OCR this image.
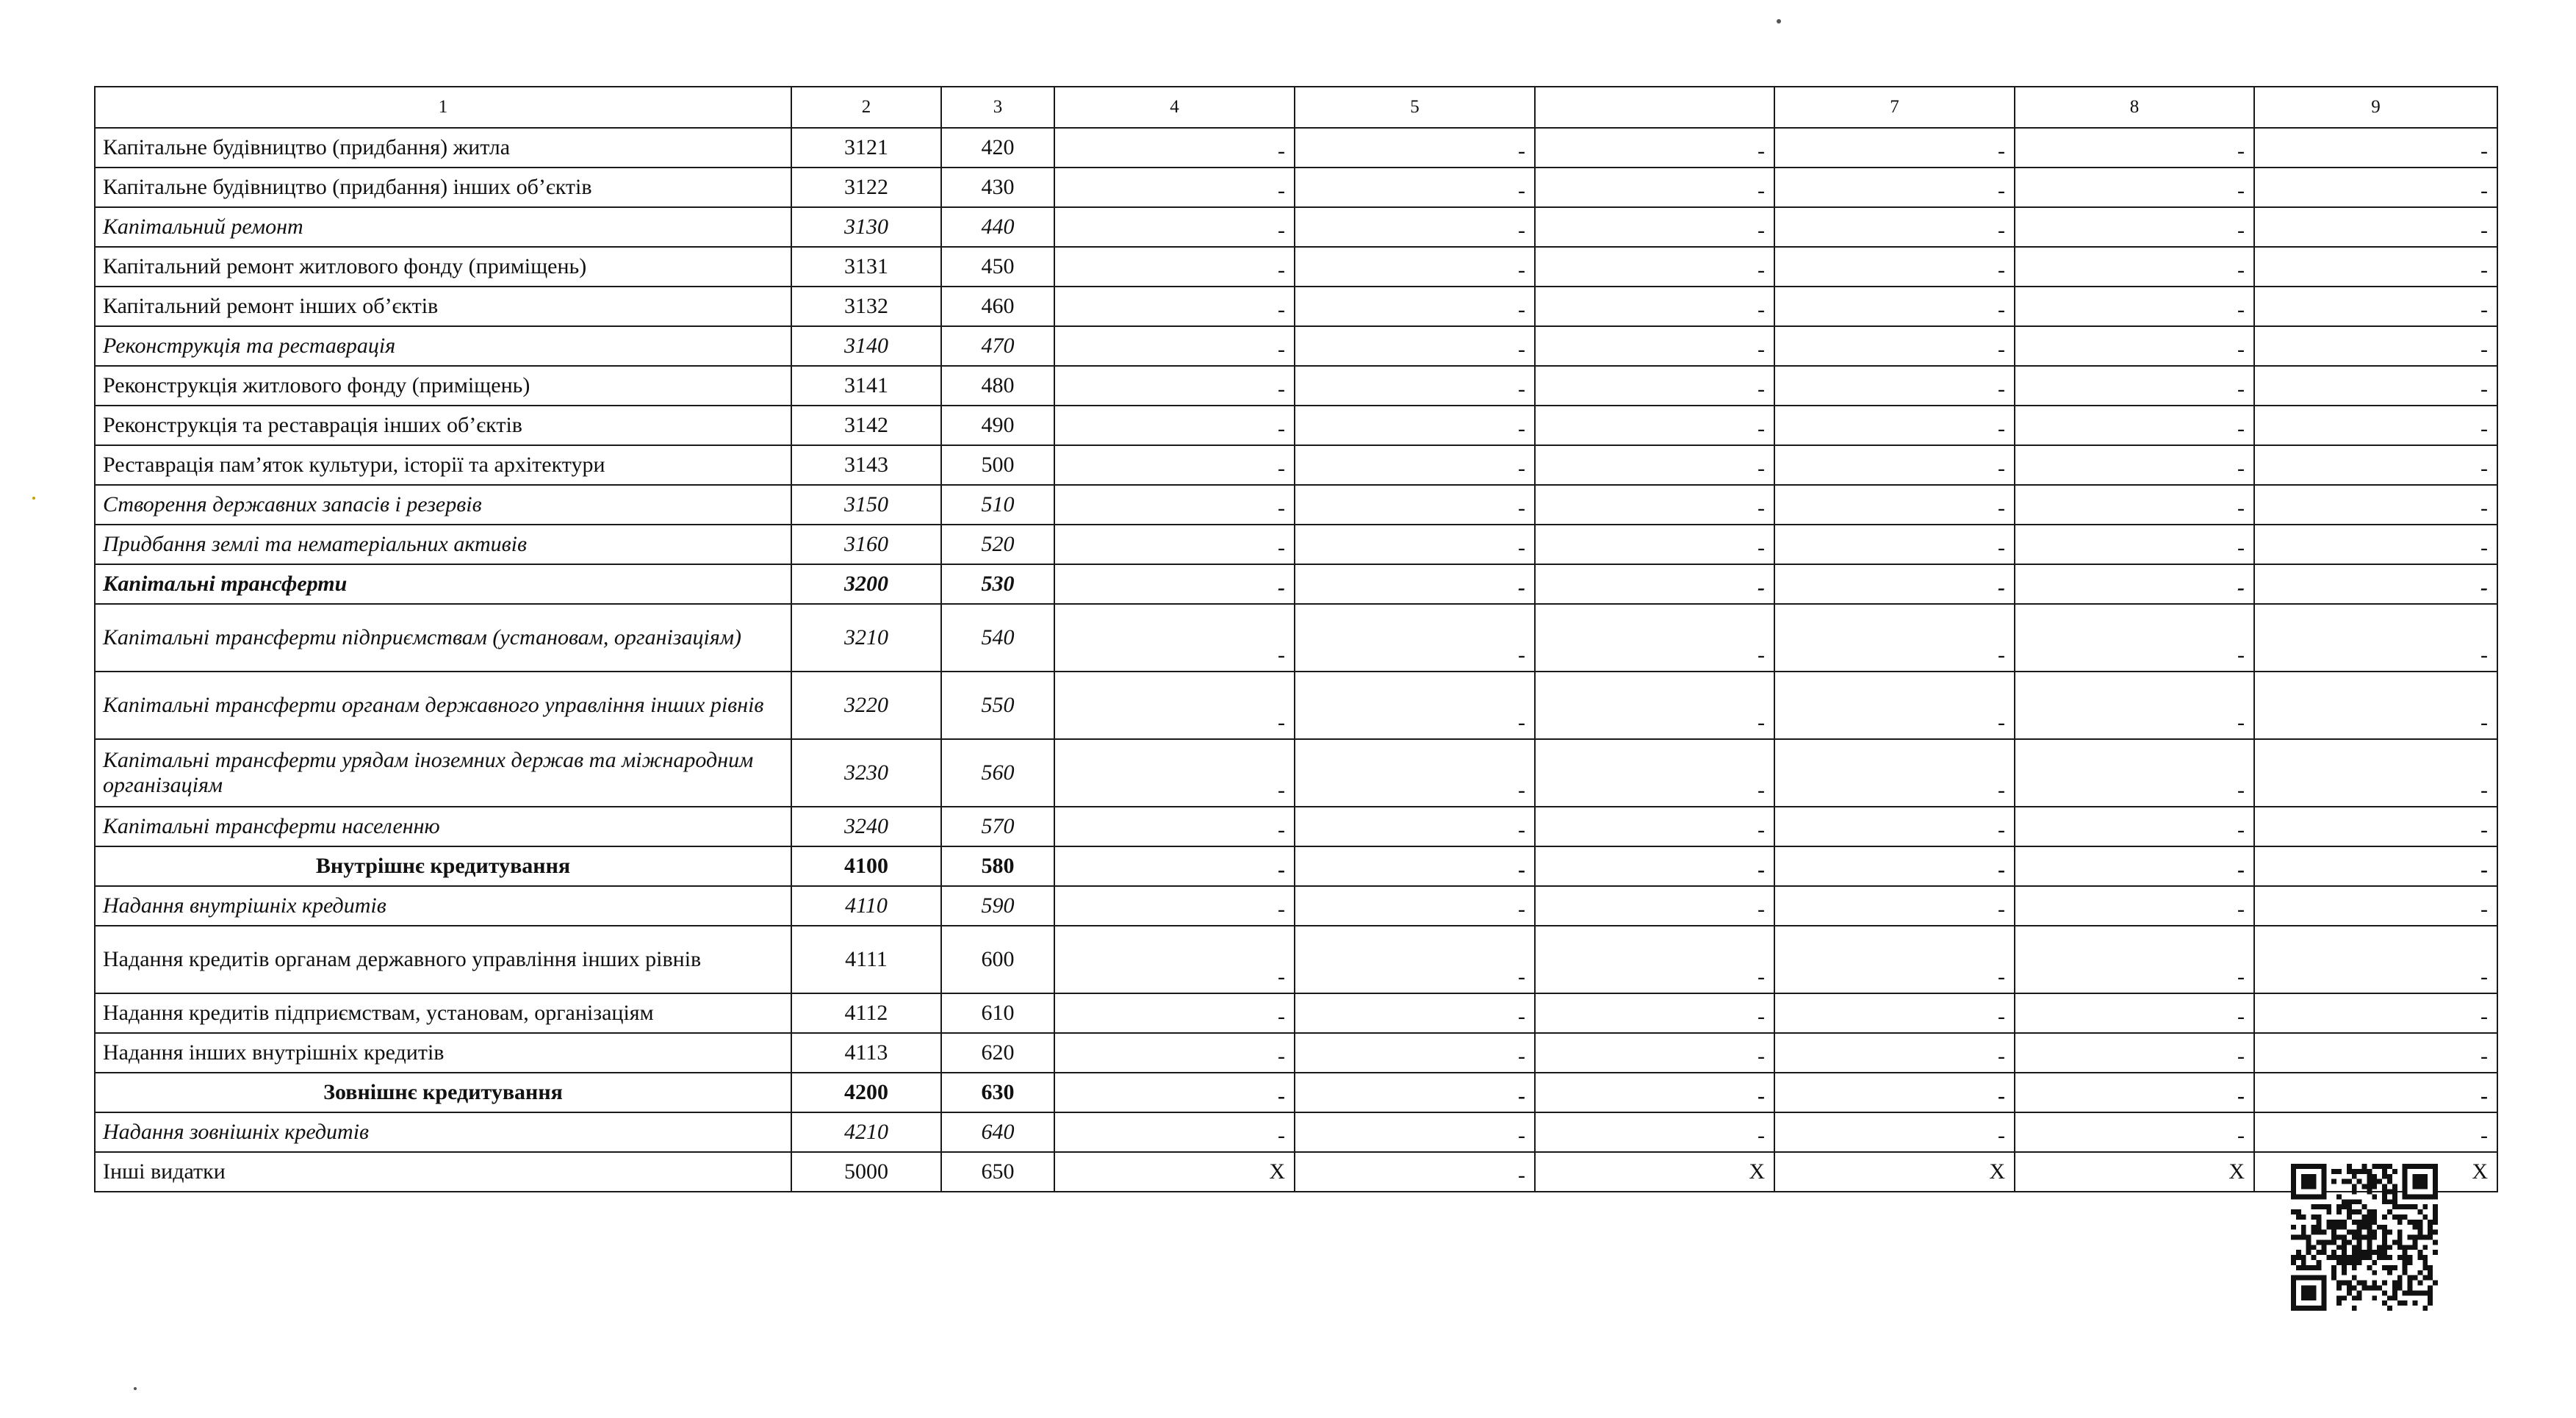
1	2	3	4	5		7	8	9
Капітальне будівництво (придбання) житла	3121	420	-	-	-	-	-	-
Капітальне будівництво (придбання) інших об’єктів	3122	430	-	-	-	-	-	-
Капітальний ремонт	3130	440	-	-	-	-	-	-
Капітальний ремонт житлового фонду (приміщень)	3131	450	-	-	-	-	-	-
Капітальний ремонт інших об’єктів	3132	460	-	-	-	-	-	-
Реконструкція та реставрація	3140	470	-	-	-	-	-	-
Реконструкція житлового фонду (приміщень)	3141	480	-	-	-	-	-	-
Реконструкція та реставрація інших об’єктів	3142	490	-	-	-	-	-	-
Реставрація пам’яток культури, історії та архітектури	3143	500	-	-	-	-	-	-
Створення державних запасів і резервів	3150	510	-	-	-	-	-	-
Придбання землі та нематеріальних активів	3160	520	-	-	-	-	-	-
Капітальні трансферти	3200	530	-	-	-	-	-	-
Капітальні трансферти підприємствам (установам, організаціям)	3210	540	-	-	-	-	-	-
Капітальні трансферти органам державного управління інших рівнів	3220	550	-	-	-	-	-	-
Капітальні трансферти урядам іноземних держав та міжнародним організаціям	3230	560	-	-	-	-	-	-
Капітальні трансферти населенню	3240	570	-	-	-	-	-	-
Внутрішнє кредитування	4100	580	-	-	-	-	-	-
Надання внутрішніх кредитів	4110	590	-	-	-	-	-	-
Надання кредитів органам державного управління інших рівнів	4111	600	-	-	-	-	-	-
Надання кредитів підприємствам, установам, організаціям	4112	610	-	-	-	-	-	-
Надання інших внутрішніх кредитів	4113	620	-	-	-	-	-	-
Зовнішнє кредитування	4200	630	-	-	-	-	-	-
Надання зовнішніх кредитів	4210	640	-	-	-	-	-	-
Інші видатки	5000	650	X	-	X	X	X	X
